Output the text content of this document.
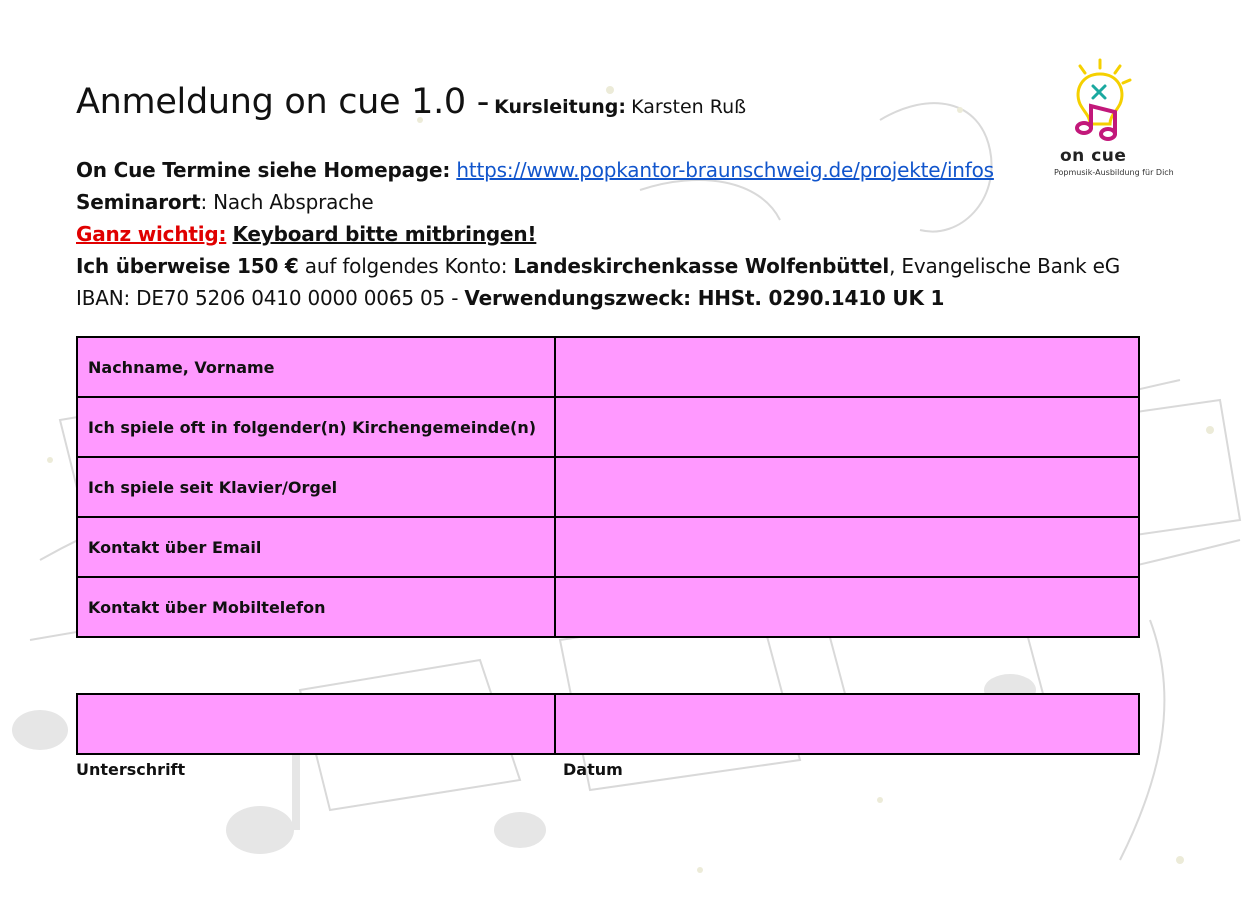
Anmeldung on cue 1.0 - Kursleitung: Karsten Ruß
On Cue Termine siehe Homepage: https://www.popkantor-braunschweig.de/projekte/infos
Seminarort: Nach Absprache
Ganz wichtig: Keyboard bitte mitbringen!
Ich überweise 150 € auf folgendes Konto: Landeskirchenkasse Wolfenbüttel, Evangelische Bank eG
IBAN: DE70 5206 0410 0000 0065 05 - Verwendungszweck: HHSt. 0290.1410 UK 1
Nachname, Vorname	
Ich spiele oft in folgender(n) Kirchengemeinde(n)	
Ich spiele seit Klavier/Orgel	
Kontakt über Email	
Kontakt über Mobiltelefon	

Unterschrift	Datum
on cue
Popmusik-Ausbildung für Dich
